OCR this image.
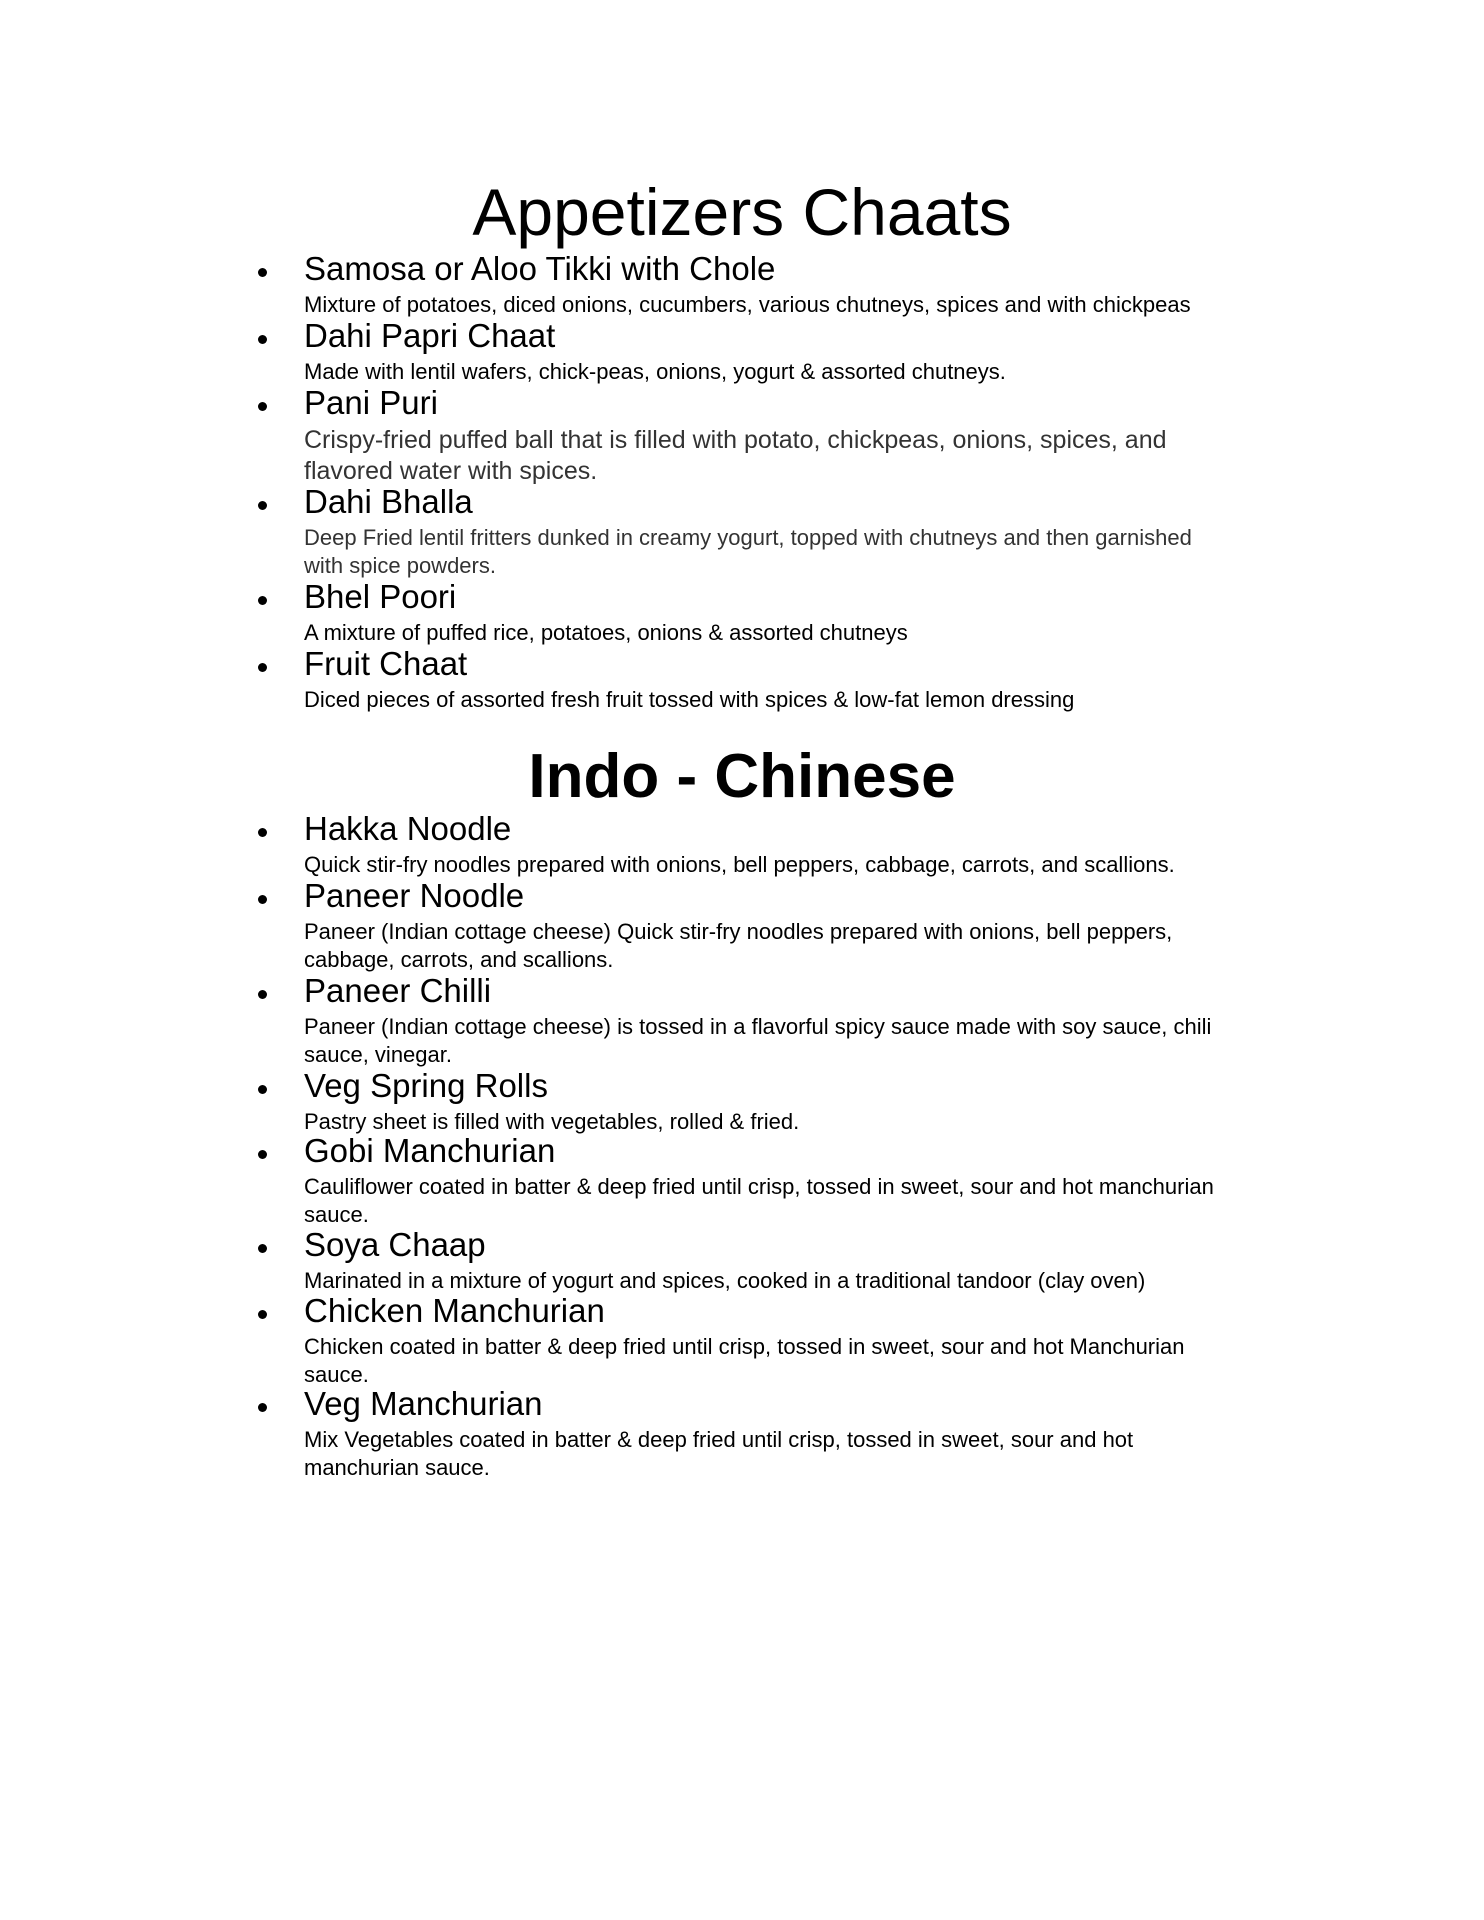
Appetizers Chaats
Samosa or Aloo Tikki with Chole
Mixture of potatoes, diced onions, cucumbers, various chutneys, spices and with chickpeas
Dahi Papri Chaat
Made with lentil wafers, chick-peas, onions, yogurt & assorted chutneys.
Pani Puri
Crispy-fried puffed ball that is filled with potato, chickpeas, onions, spices, and
flavored water with spices.
Dahi Bhalla
Deep Fried lentil fritters dunked in creamy yogurt, topped with chutneys and then garnished
with spice powders.
Bhel Poori
A mixture of puffed rice, potatoes, onions & assorted chutneys
Fruit Chaat
Diced pieces of assorted fresh fruit tossed with spices & low-fat lemon dressing
Indo - Chinese
Hakka Noodle
Quick stir-fry noodles prepared with onions, bell peppers, cabbage, carrots, and scallions.
Paneer Noodle
Paneer (Indian cottage cheese) Quick stir-fry noodles prepared with onions, bell peppers,
cabbage, carrots, and scallions.
Paneer Chilli
Paneer (Indian cottage cheese) is tossed in a flavorful spicy sauce made with soy sauce, chili
sauce, vinegar.
Veg Spring Rolls
Pastry sheet is filled with vegetables, rolled & fried.
Gobi Manchurian
Cauliflower coated in batter & deep fried until crisp, tossed in sweet, sour and hot manchurian
sauce.
Soya Chaap
Marinated in a mixture of yogurt and spices, cooked in a traditional tandoor (clay oven)
Chicken Manchurian
Chicken coated in batter & deep fried until crisp, tossed in sweet, sour and hot Manchurian
sauce.
Veg Manchurian
Mix Vegetables coated in batter & deep fried until crisp, tossed in sweet, sour and hot
manchurian sauce.
